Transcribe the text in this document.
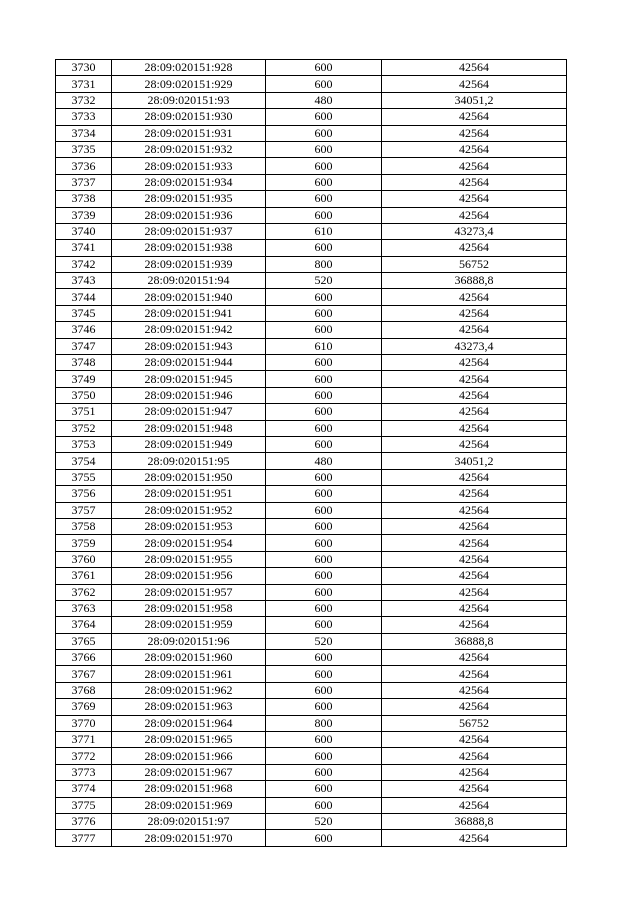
3730	28:09:020151:928	600	42564
3731	28:09:020151:929	600	42564
3732	28:09:020151:93	480	34051,2
3733	28:09:020151:930	600	42564
3734	28:09:020151:931	600	42564
3735	28:09:020151:932	600	42564
3736	28:09:020151:933	600	42564
3737	28:09:020151:934	600	42564
3738	28:09:020151:935	600	42564
3739	28:09:020151:936	600	42564
3740	28:09:020151:937	610	43273,4
3741	28:09:020151:938	600	42564
3742	28:09:020151:939	800	56752
3743	28:09:020151:94	520	36888,8
3744	28:09:020151:940	600	42564
3745	28:09:020151:941	600	42564
3746	28:09:020151:942	600	42564
3747	28:09:020151:943	610	43273,4
3748	28:09:020151:944	600	42564
3749	28:09:020151:945	600	42564
3750	28:09:020151:946	600	42564
3751	28:09:020151:947	600	42564
3752	28:09:020151:948	600	42564
3753	28:09:020151:949	600	42564
3754	28:09:020151:95	480	34051,2
3755	28:09:020151:950	600	42564
3756	28:09:020151:951	600	42564
3757	28:09:020151:952	600	42564
3758	28:09:020151:953	600	42564
3759	28:09:020151:954	600	42564
3760	28:09:020151:955	600	42564
3761	28:09:020151:956	600	42564
3762	28:09:020151:957	600	42564
3763	28:09:020151:958	600	42564
3764	28:09:020151:959	600	42564
3765	28:09:020151:96	520	36888,8
3766	28:09:020151:960	600	42564
3767	28:09:020151:961	600	42564
3768	28:09:020151:962	600	42564
3769	28:09:020151:963	600	42564
3770	28:09:020151:964	800	56752
3771	28:09:020151:965	600	42564
3772	28:09:020151:966	600	42564
3773	28:09:020151:967	600	42564
3774	28:09:020151:968	600	42564
3775	28:09:020151:969	600	42564
3776	28:09:020151:97	520	36888,8
3777	28:09:020151:970	600	42564
